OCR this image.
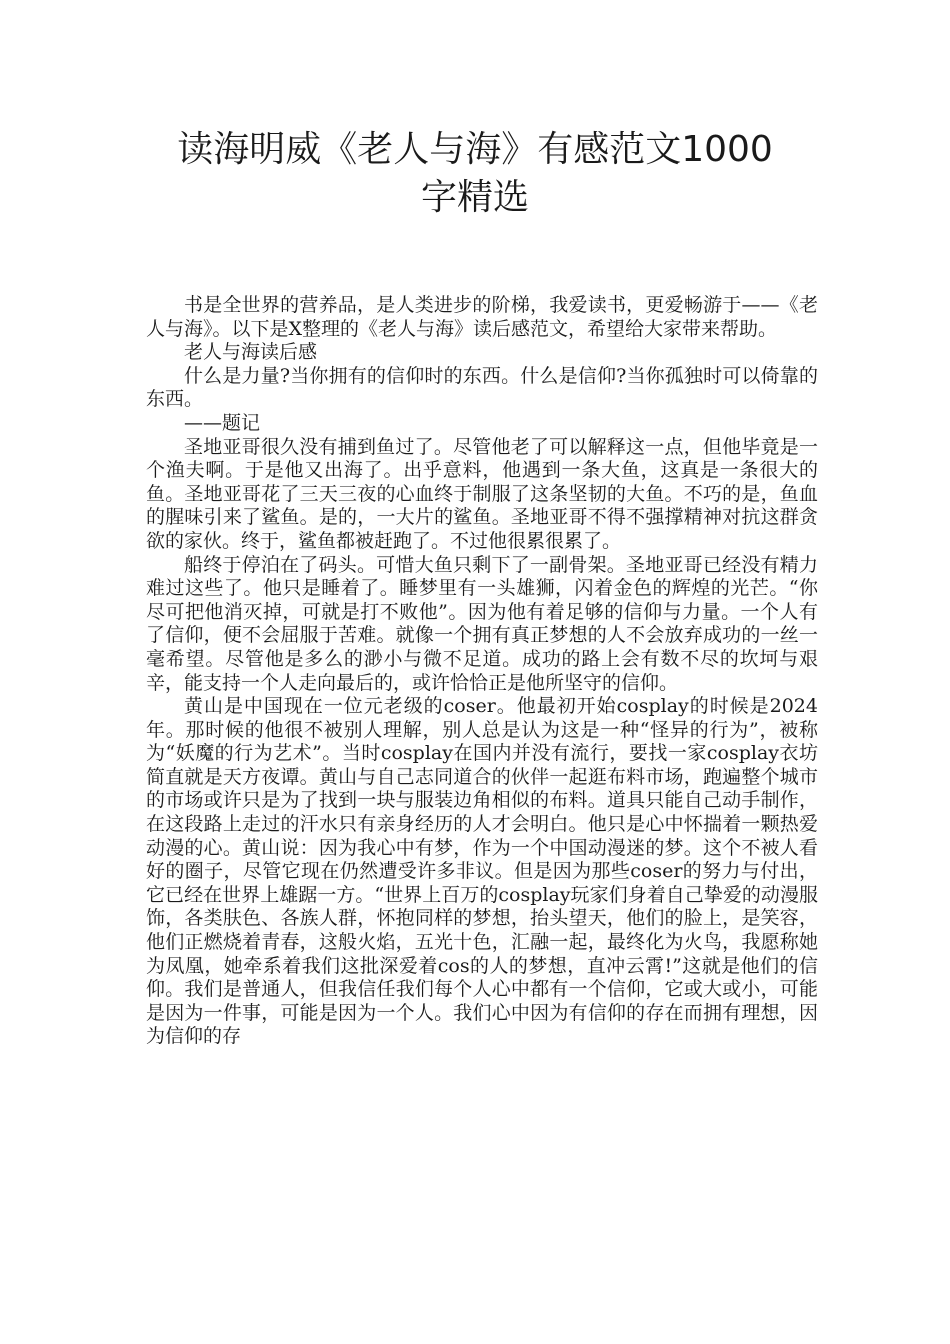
读海明威《老人与海》有感范文1000
字精选

书是全世界的营养品，是人类进步的阶梯，我爱读书，更爱畅游于——《老人与海》。以下是X整理的《老人与海》读后感范文，希望给大家带来帮助。

老人与海读后感

什么是力量?当你拥有的信仰时的东西。什么是信仰?当你孤独时可以倚靠的东西。

——题记

圣地亚哥很久没有捕到鱼过了。尽管他老了可以解释这一点，但他毕竟是一个渔夫啊。于是他又出海了。出乎意料，他遇到一条大鱼，这真是一条很大的鱼。圣地亚哥花了三天三夜的心血终于制服了这条坚韧的大鱼。不巧的是，鱼血的腥味引来了鲨鱼。是的，一大片的鲨鱼。圣地亚哥不得不强撑精神对抗这群贪欲的家伙。终于，鲨鱼都被赶跑了。不过他很累很累了。

船终于停泊在了码头。可惜大鱼只剩下了一副骨架。圣地亚哥已经没有精力难过这些了。他只是睡着了。睡梦里有一头雄狮，闪着金色的辉煌的光芒。“你尽可把他消灭掉，可就是打不败他”。因为他有着足够的信仰与力量。一个人有了信仰，便不会屈服于苦难。就像一个拥有真正梦想的人不会放弃成功的一丝一毫希望。尽管他是多么的渺小与微不足道。成功的路上会有数不尽的坎坷与艰辛，能支持一个人走向最后的，或许恰恰正是他所坚守的信仰。

黄山是中国现在一位元老级的coser。他最初开始cosplay的时候是2024年。那时候的他很不被别人理解，别人总是认为这是一种“怪异的行为”，被称为“妖魔的行为艺术”。当时cosplay在国内并没有流行，要找一家cosplay衣坊简直就是天方夜谭。黄山与自己志同道合的伙伴一起逛布料市场，跑遍整个城市的市场或许只是为了找到一块与服装边角相似的布料。道具只能自己动手制作，在这段路上走过的汗水只有亲身经历的人才会明白。他只是心中怀揣着一颗热爱动漫的心。黄山说：因为我心中有梦，作为一个中国动漫迷的梦。这个不被人看好的圈子，尽管它现在仍然遭受许多非议。但是因为那些coser的努力与付出，它已经在世界上雄踞一方。“世界上百万的cosplay玩家们身着自己挚爱的动漫服饰，各类肤色、各族人群，怀抱同样的梦想，抬头望天，他们的脸上，是笑容，他们正燃烧着青春，这般火焰，五光十色，汇融一起，最终化为火鸟，我愿称她为凤凰，她牵系着我们这批深爱着cos的人的梦想，直冲云霄!”这就是他们的信仰。我们是普通人，但我信任我们每个人心中都有一个信仰，它或大或小，可能是因为一件事，可能是因为一个人。我们心中因为有信仰的存在而拥有理想，因为信仰的存
